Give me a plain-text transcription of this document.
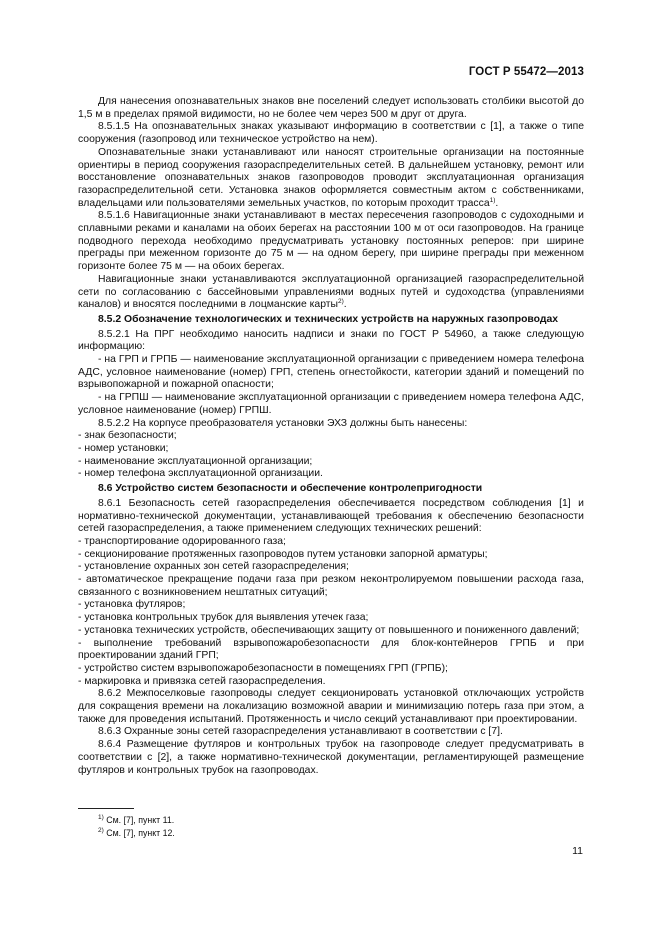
ГОСТ Р 55472—2013

Для нанесения опознавательных знаков вне поселений следует использовать столбики высотой до 1,5 м в пределах прямой видимости, но не более чем через 500 м друг от друга.

8.5.1.5 На опознавательных знаках указывают информацию в соответствии с [1], а также о типе сооружения (газопровод или техническое устройство на нем).

Опознавательные знаки устанавливают или наносят строительные организации на постоянные ориентиры в период сооружения газораспределительных сетей. В дальнейшем установку, ремонт или восстановление опознавательных знаков газопроводов проводит эксплуатационная организация газораспределительной сети. Установка знаков оформляется совместным актом с собственниками, владельцами или пользователями земельных участков, по которым проходит трасса$^{1)}$.

8.5.1.6 Навигационные знаки устанавливают в местах пересечения газопроводов с судоходными и сплавными реками и каналами на обоих берегах на расстоянии 100 м от оси газопроводов. На границе подводного перехода необходимо предусматривать установку постоянных реперов: при ширине преграды при меженном горизонте до 75 м — на одном берегу, при ширине преграды при меженном горизонте более 75 м — на обоих берегах.

Навигационные знаки устанавливаются эксплуатационной организацией газораспределительной сети по согласованию с бассейновыми управлениями водных путей и судоходства (управлениями каналов) и вносятся последними в лоцманские карты$^{2)}$.

8.5.2 Обозначение технологических и технических устройств на наружных газопроводах

8.5.2.1 На ПРГ необходимо наносить надписи и знаки по ГОСТ Р 54960, а также следующую информацию:

- на ГРП и ГРПБ — наименование эксплуатационной организации с приведением номера телефона АДС, условное наименование (номер) ГРП, степень огнестойкости, категории зданий и помещений по взрывопожарной и пожарной опасности;

- на ГРПШ — наименование эксплуатационной организации с приведением номера телефона АДС, условное наименование (номер) ГРПШ.

8.5.2.2 На корпусе преобразователя установки ЭХЗ должны быть нанесены:

- знак безопасности;

- номер установки;

- наименование эксплуатационной организации;

- номер телефона эксплуатационной организации.

8.6 Устройство систем безопасности и обеспечение контролепригодности

8.6.1 Безопасность сетей газораспределения обеспечивается посредством соблюдения [1] и нормативно-технической документации, устанавливающей требования к обеспечению безопасности сетей газораспределения, а также применением следующих технических решений:

- транспортирование одорированного газа;

- секционирование протяженных газопроводов путем установки запорной арматуры;

- установление охранных зон сетей газораспределения;

- автоматическое прекращение подачи газа при резком неконтролируемом повышении расхода газа, связанного с возникновением нештатных ситуаций;

- установка футляров;

- установка контрольных трубок для выявления утечек газа;

- установка технических устройств, обеспечивающих защиту от повышенного и пониженного давлений;

- выполнение требований взрывопожаробезопасности для блок-контейнеров ГРПБ и при проектировании зданий ГРП;

- устройство систем взрывопожаробезопасности в помещениях ГРП (ГРПБ);

- маркировка и привязка сетей газораспределения.

8.6.2 Межпоселковые газопроводы следует секционировать установкой отключающих устройств для сокращения времени на локализацию возможной аварии и минимизацию потерь газа при этом, а также для проведения испытаний. Протяженность и число секций устанавливают при проектировании.

8.6.3 Охранные зоны сетей газораспределения устанавливают в соответствии с [7].

8.6.4 Размещение футляров и контрольных трубок на газопроводе следует предусматривать в соответствии с [2], а также нормативно-технической документации, регламентирующей размещение футляров и контрольных трубок на газопроводах.

$^{1)}$ См. [7], пункт 11.
$^{2)}$ См. [7], пункт 12.
11
